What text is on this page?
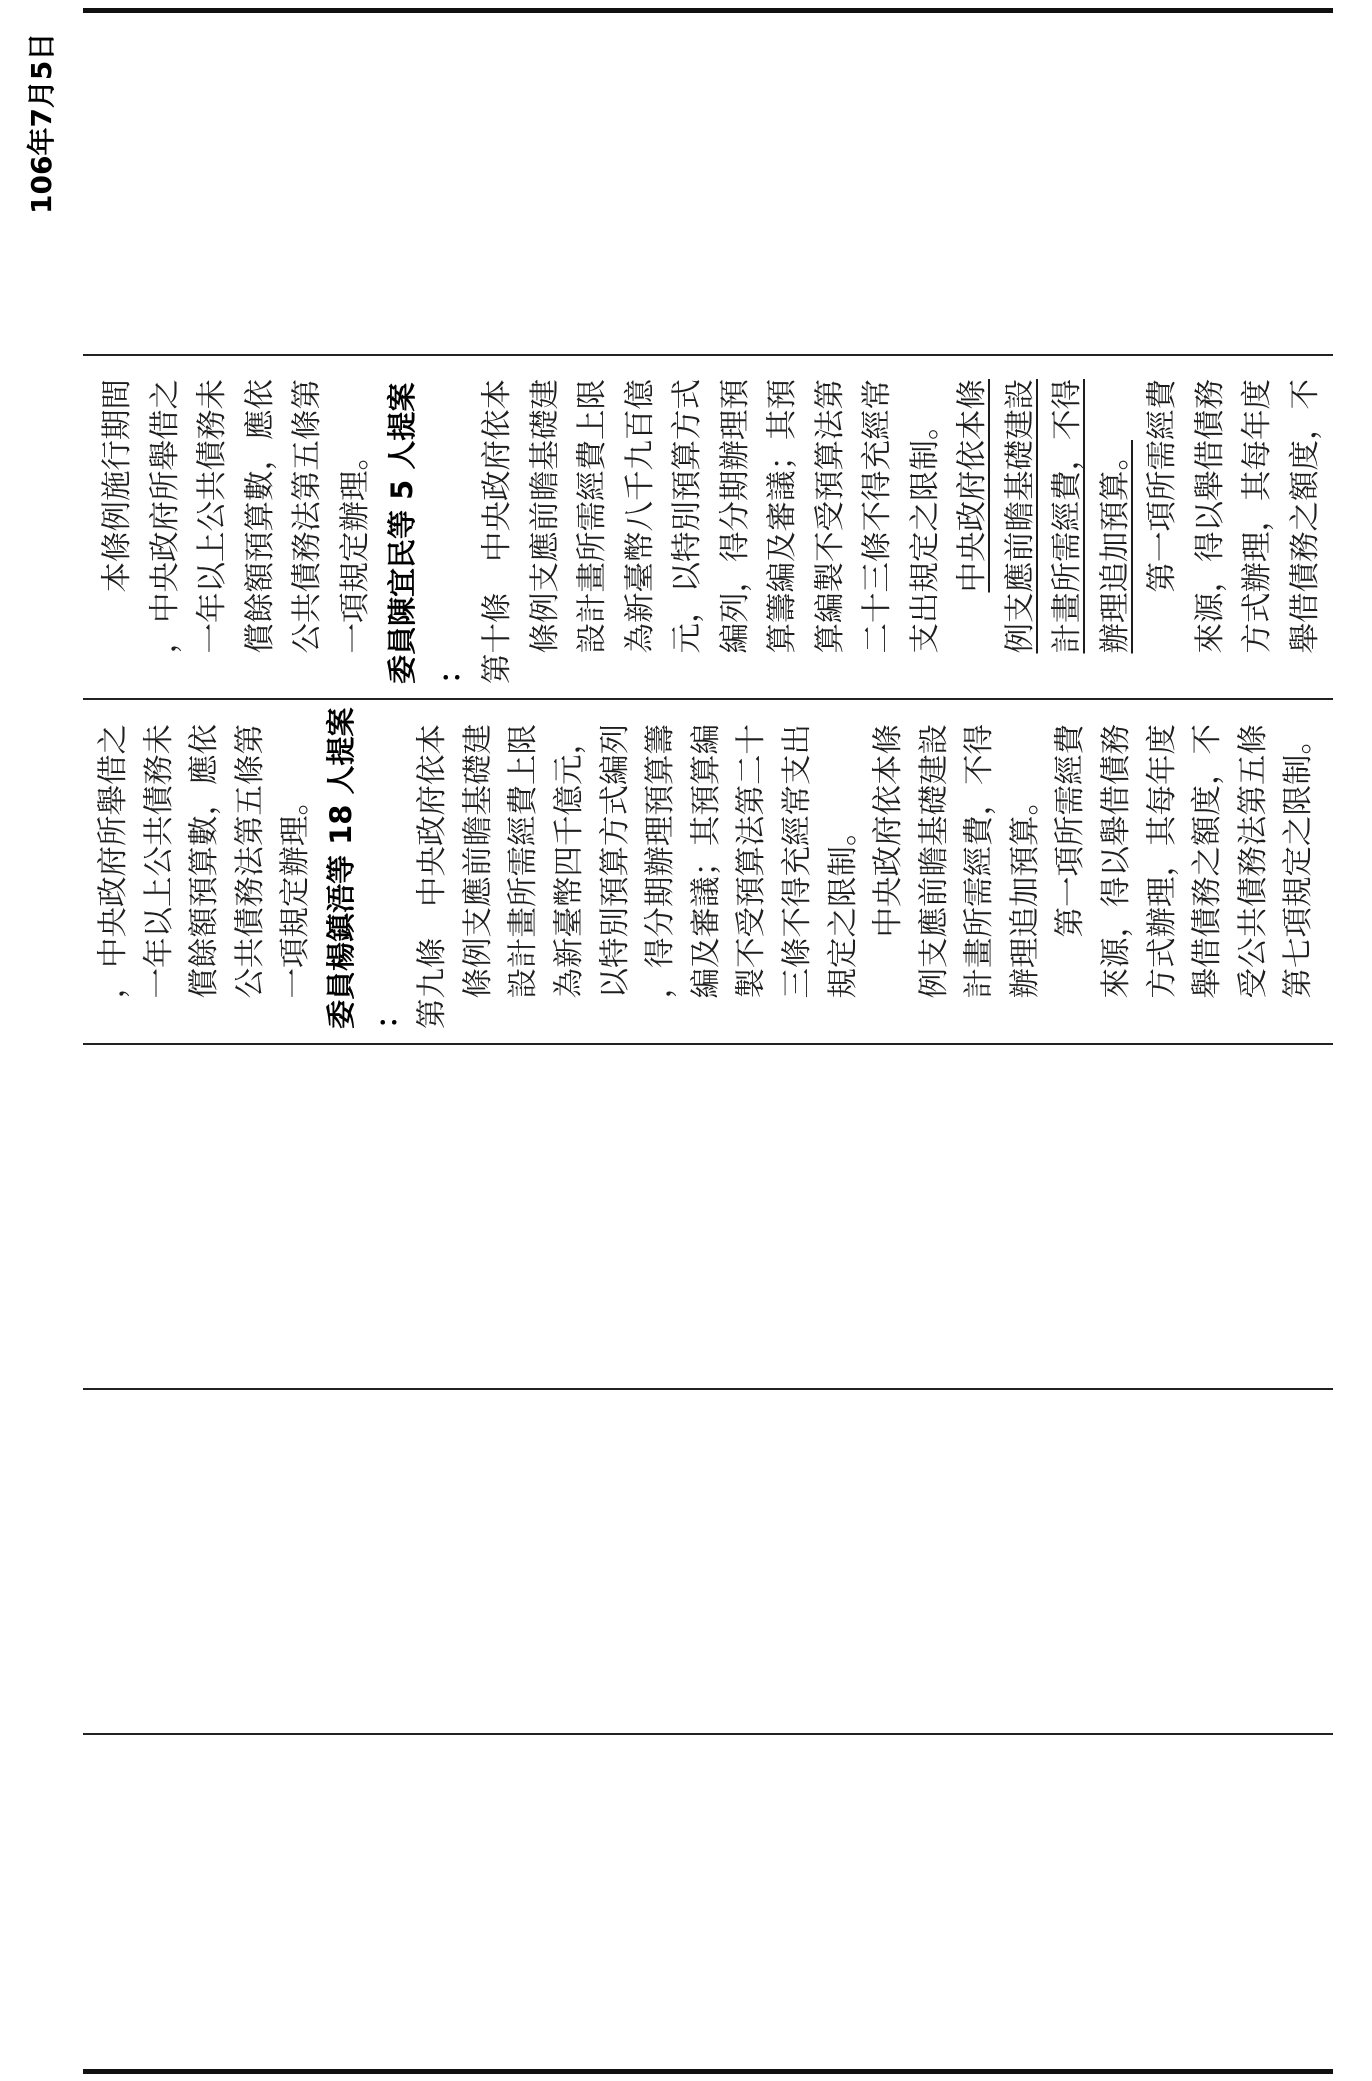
106年7月5日
本條例施行期間 ，中央政府所舉借之 一年以上公共債務未 償餘額預算數，應依 公共債務法第五條第 一項規定辦理。 委員陳宜民等 5 人提案 ： 第十條　中央政府依本 條例支應前瞻基礎建 設計畫所需經費上限 為新臺幣八千九百億 元，以特別預算方式 編列，得分期辦理預 算籌編及審議；其預 算編製不受預算法第 二十三條不得充經常 支出規定之限制。 中央政府依本條 例支應前瞻基礎建設 計畫所需經費，不得 辦理追加預算。 第一項所需經費 來源，得以舉借債務 方式辦理，其每年度 舉借債務之額度，不
，中央政府所舉借之 一年以上公共債務未 償餘額預算數，應依 公共債務法第五條第 一項規定辦理。 委員楊鎮浯等 18 人提案 ： 第九條　中央政府依本 條例支應前瞻基礎建 設計畫所需經費上限 為新臺幣四千億元， 以特別預算方式編列 ，得分期辦理預算籌 編及審議；其預算編 製不受預算法第二十 三條不得充經常支出 規定之限制。 中央政府依本條 例支應前瞻基礎建設 計畫所需經費，不得 辦理追加預算。 第一項所需經費 來源，得以舉借債務 方式辦理，其每年度 舉借債務之額度，不 受公共債務法第五條 第七項規定之限制。
